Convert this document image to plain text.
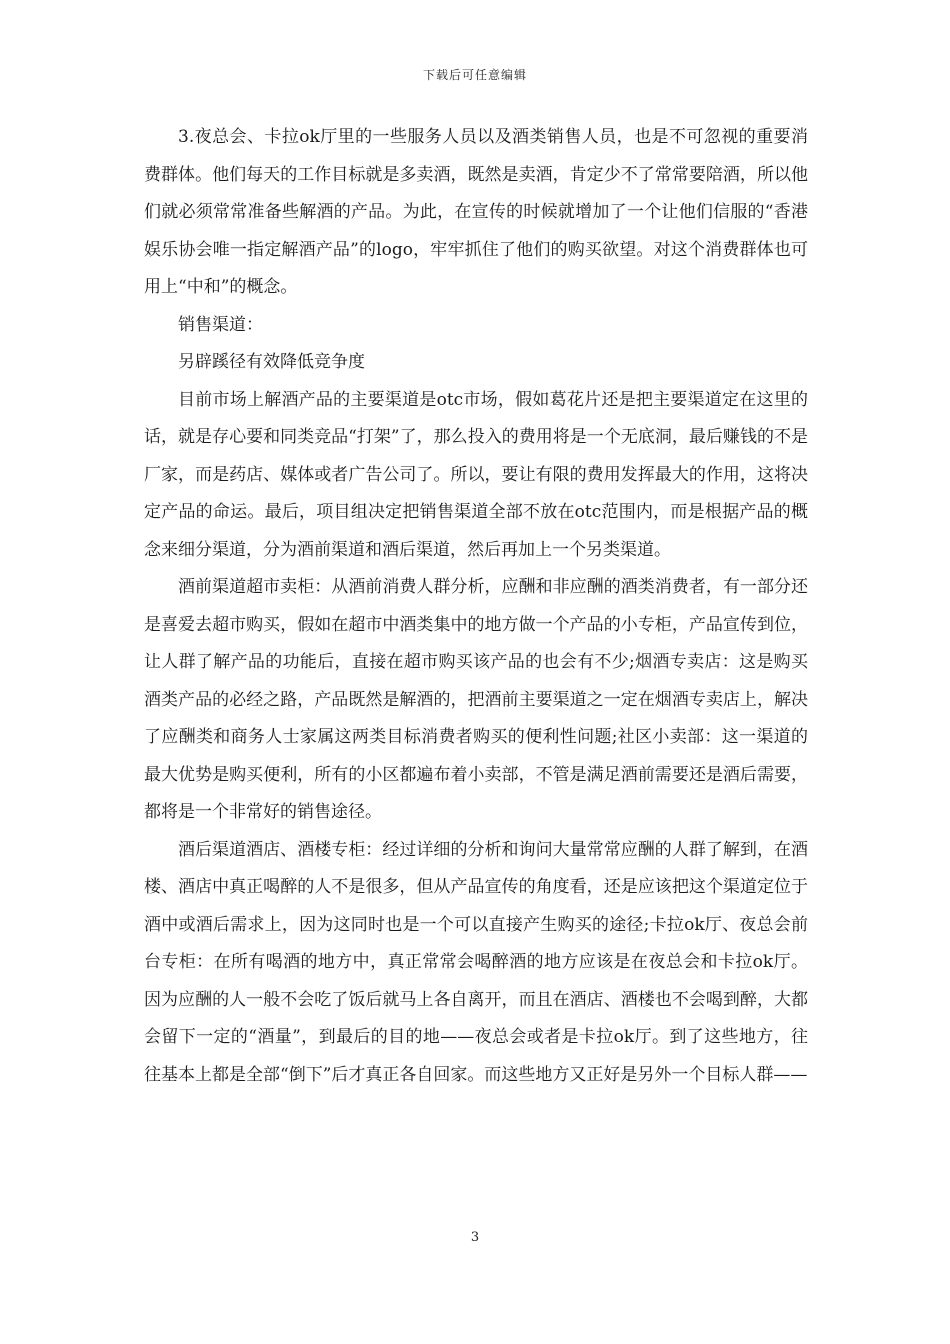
下载后可任意编辑

3.夜总会、卡拉ok厅里的一些服务人员以及酒类销售人员，也是不可忽视的重要消费群体。他们每天的工作目标就是多卖酒，既然是卖酒，肯定少不了常常要陪酒，所以他们就必须常常准备些解酒的产品。为此，在宣传的时候就增加了一个让他们信服的“香港娱乐协会唯一指定解酒产品”的logo，牢牢抓住了他们的购买欲望。对这个消费群体也可用上“中和”的概念。

销售渠道：

另辟蹊径有效降低竞争度

目前市场上解酒产品的主要渠道是otc市场，假如葛花片还是把主要渠道定在这里的话，就是存心要和同类竞品“打架”了，那么投入的费用将是一个无底洞，最后赚钱的不是厂家，而是药店、媒体或者广告公司了。所以，要让有限的费用发挥最大的作用，这将决定产品的命运。最后，项目组决定把销售渠道全部不放在otc范围内，而是根据产品的概念来细分渠道，分为酒前渠道和酒后渠道，然后再加上一个另类渠道。

酒前渠道超市卖柜：从酒前消费人群分析，应酬和非应酬的酒类消费者，有一部分还是喜爱去超市购买，假如在超市中酒类集中的地方做一个产品的小专柜，产品宣传到位，让人群了解产品的功能后，直接在超市购买该产品的也会有不少;烟酒专卖店：这是购买酒类产品的必经之路，产品既然是解酒的，把酒前主要渠道之一定在烟酒专卖店上，解决了应酬类和商务人士家属这两类目标消费者购买的便利性问题;社区小卖部：这一渠道的最大优势是购买便利，所有的小区都遍布着小卖部，不管是满足酒前需要还是酒后需要，都将是一个非常好的销售途径。

酒后渠道酒店、酒楼专柜：经过详细的分析和询问大量常常应酬的人群了解到，在酒楼、酒店中真正喝醉的人不是很多，但从产品宣传的角度看，还是应该把这个渠道定位于酒中或酒后需求上，因为这同时也是一个可以直接产生购买的途径;卡拉ok厅、夜总会前台专柜：在所有喝酒的地方中，真正常常会喝醉酒的地方应该是在夜总会和卡拉ok厅。因为应酬的人一般不会吃了饭后就马上各自离开，而且在酒店、酒楼也不会喝到醉，大都会留下一定的“酒量”，到最后的目的地——夜总会或者是卡拉ok厅。到了这些地方，往往基本上都是全部“倒下”后才真正各自回家。而这些地方又正好是另外一个目标人群——

3
